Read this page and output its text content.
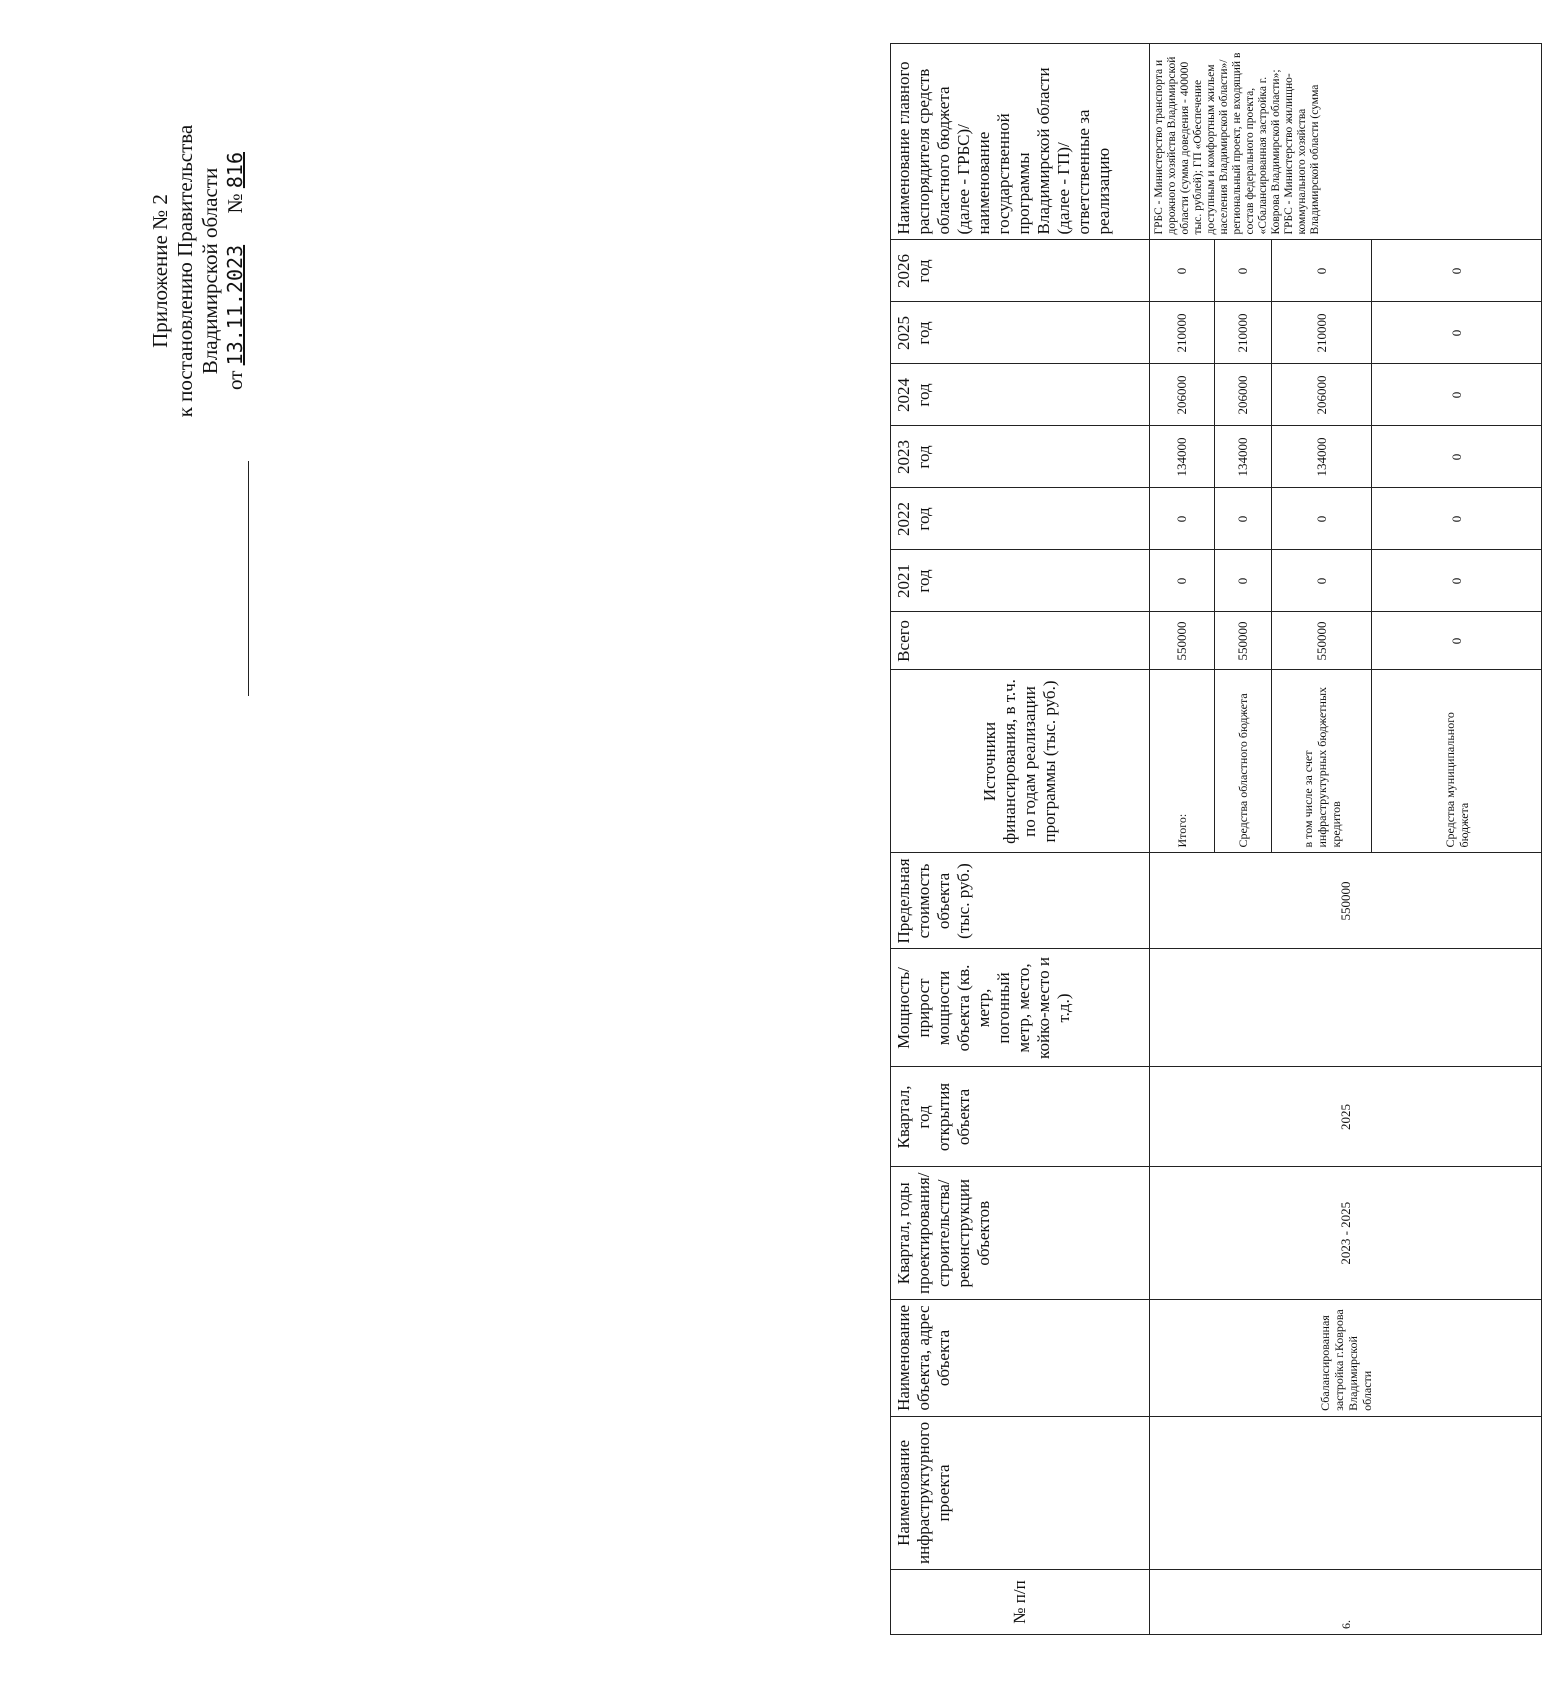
Приложение № 2 к постановлению Правительства Владимирской области
от 13.11.2023      № 816
№ п/п	Наименование инфраструктурного проекта	Наименование объекта, адрес объекта	Квартал, годы проектирования/строительства/реконструкции объектов	Квартал, год открытия объекта	Мощность/прирост мощности объекта (кв. метр, погонный метр, место, койко-место и т.д.)	Предельная стоимость объекта (тыс. руб.)	Источники финансирования, в т.ч. по годам реализации программы (тыс. руб.)	Всего	2021 год	2022 год	2023 год	2024 год	2025 год	2026 год	Наименование главного распорядителя средств областного бюджета (далее - ГРБС)/наименование государственной программы Владимирской области (далее - ГП)/ответственные за реализацию
6.		Сбалансированная застройка г.Коврова Владимирской области	2023 - 2025	2025		550000	Итого:	550000	0	0	134000	206000	210000	0	ГРБС - Министерство транспорта и дорожного хозяйства Владимирской области (сумма доведения - 400000 тыс. рублей); ГП «Обеспечение доступным и комфортным жильем населения Владимирской области»/региональный проект, не входящий в состав федерального проекта, «Сбалансированная застройка г. Коврова Владимирской области»; ГРБС - Министерство жилищно-коммунального хозяйства Владимирской области (сумма
							Средства областного бюджета	550000	0	0	134000	206000	210000	0	
							в том числе за счет инфраструктурных бюджетных кредитов	550000	0	0	134000	206000	210000	0	
							Средства муниципального бюджета	0	0	0	0	0	0	0	
